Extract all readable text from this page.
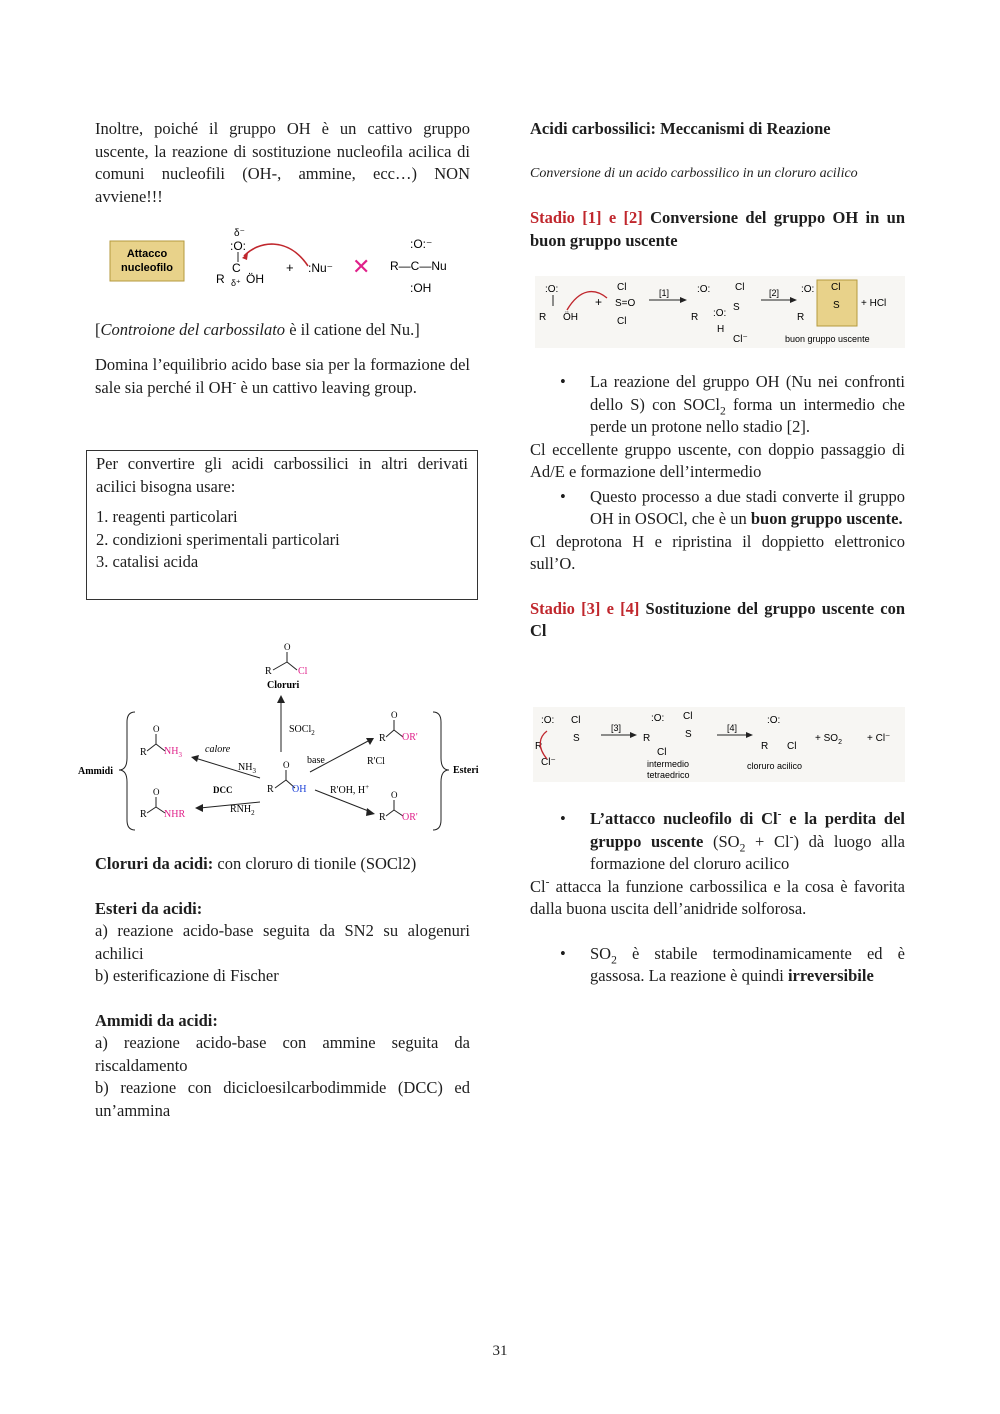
Inoltre, poiché il gruppo OH è un cattivo gruppo uscente, la reazione di sostituzione nucleofila acilica di comuni nucleofili (OH-, ammine, ecc…) NON avviene!!!

Attacco
nucleofilo
δ⁻
:O:
C
R δ⁺ ÖH
+ :Nu⁻ ✕
:O:⁻
R—C—Nu
:OH

[Controione del carbossilato è il catione del Nu.]

Domina l’equilibrio acido base sia per la formazione del sale sia perché il OH- è un cattivo leaving group.

Per convertire gli acidi carbossilici in altri derivati acilici bisogna usare:

1. reagenti particolari

2. condizioni sperimentali particolari

3. catalisi acida

O
R	Cl
Cloruri
SOCl$_2$
O
R OH
Ammidi
O
R $NH_3$
O
R NHR
calore
$NH_3$
DCC
$RNH_2$
Esteri
O
R OR'
O
R OR'
base	R'Cl
R'OH, H+

Cloruri da acidi: con cloruro di tionile (SOCl2)

Esteri da acidi:

a) reazione acido-base seguita da SN2 su alogenuri achilici

b) esterificazione di Fischer

Ammidi da acidi:

a) reazione acido-base con ammine seguita da riscaldamento

b) reazione con dicicloesilcarbodimmide (DCC) ed un’ammina

Acidi carbossilici: Meccanismi di Reazione

Conversione di un acido carbossilico in un cloruro acilico

Stadio [1] e [2] Conversione del gruppo OH in un buon gruppo uscente

:O:
R ÖH
+
Cl
S=O
Cl
[1]	:O:
R :O:
Cl
S
H
Cl⁻
[2] :O:
R
Cl
S + HCl
buon gruppo uscente

• La reazione del gruppo OH (Nu nei confronti dello S) con SOCl$_2$ forma un intermedio che perde un protone nello stadio [2].

Cl eccellente gruppo uscente, con doppio passaggio di Ad/E e formazione dell’intermedio

• Questo processo a due stadi converte il gruppo OH in OSOCl, che è un buon gruppo uscente.

Cl deprotona H e ripristina il doppietto elettronico sull’O.

Stadio [3] e [4] Sostituzione del gruppo uscente con Cl

:O:
R
Cl
S
Cl⁻
[3]
:O:
R
Cl
S
Cl
intermedio
tetraedrico
[4]
:O:
R Cl
cloruro acilico
+ $SO_2$	+ Cl⁻

• L’attacco nucleofilo di Cl- e la perdita del gruppo uscente $(SO_2 + Cl^-)$ dà luogo alla formazione del cloruro acilico

Cl- attacca la funzione carbossilica e la cosa è favorita dalla buona uscita dell’anidride solforosa.

• $SO_2$ è stabile termodinamicamente ed è gassosa. La reazione è quindi irreversibile

31
